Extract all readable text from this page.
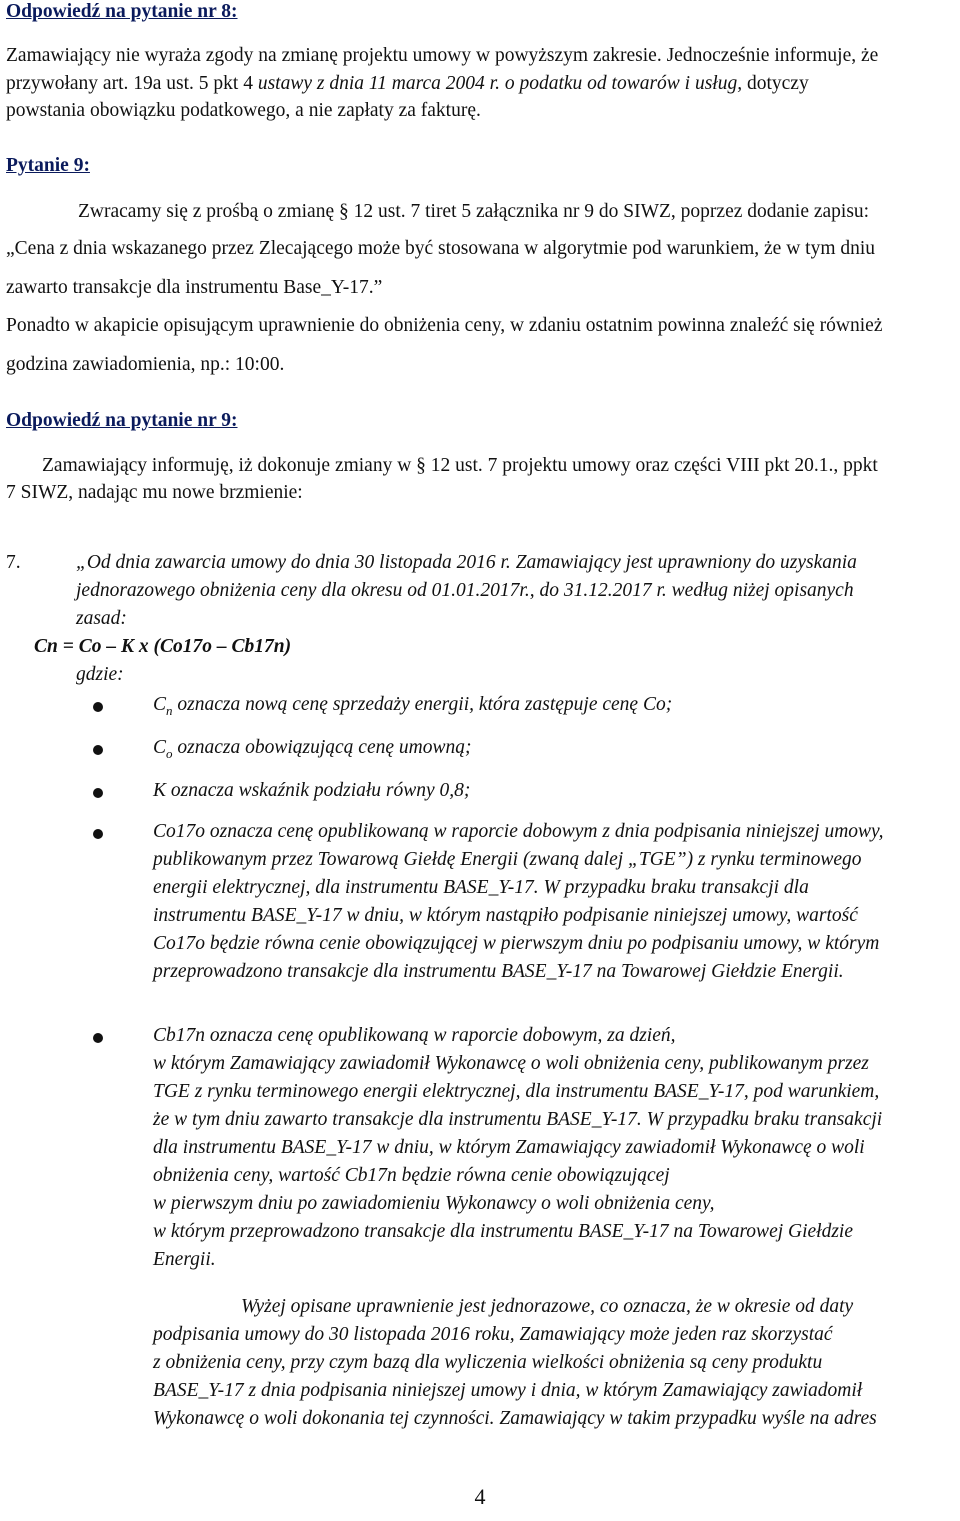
Odpowiedź na pytanie nr 8:
Zamawiający nie wyraża zgody na zmianę projektu umowy w powyższym zakresie. Jednocześnie informuje, że
przywołany art. 19a ust. 5 pkt 4 ustawy z dnia 11 marca 2004 r. o podatku od towarów i usług, dotyczy
powstania obowiązku podatkowego, a nie zapłaty za fakturę.
Pytanie 9:
Zwracamy się z prośbą o zmianę § 12 ust. 7 tiret 5 załącznika nr 9 do SIWZ, poprzez dodanie zapisu:
„Cena z dnia wskazanego przez Zlecającego może być stosowana w algorytmie pod warunkiem, że w tym dniu
zawarto transakcje dla instrumentu Base_Y-17.”
Ponadto w akapicie opisującym uprawnienie do obniżenia ceny, w zdaniu ostatnim powinna znaleźć się również
godzina zawiadomienia, np.: 10:00.
Odpowiedź na pytanie nr 9:
Zamawiający informuję, iż dokonuje zmiany w § 12 ust. 7 projektu umowy oraz części VIII pkt 20.1., ppkt
7 SIWZ, nadając mu nowe brzmienie:
7.	„Od dnia zawarcia umowy do dnia 30 listopada 2016 r. Zamawiający jest uprawniony do uzyskania
jednorazowego obniżenia ceny dla okresu od 01.01.2017r., do 31.12.2017 r. według niżej opisanych
zasad:
Cn = Co – K x (Co17o – Cb17n)
gdzie:
$C_n$ oznacza nową cenę sprzedaży energii, która zastępuje cenę Co;
$C_o$ oznacza obowiązującą cenę umowną;
K oznacza wskaźnik podziału równy 0,8;
Co17o oznacza cenę opublikowaną w raporcie dobowym z dnia podpisania niniejszej umowy,
publikowanym przez Towarową Giełdę Energii (zwaną dalej „TGE”) z rynku terminowego
energii elektrycznej, dla instrumentu BASE_Y-17. W przypadku braku transakcji dla
instrumentu BASE_Y-17 w dniu, w którym nastąpiło podpisanie niniejszej umowy, wartość
Co17o będzie równa cenie obowiązującej w pierwszym dniu po podpisaniu umowy, w którym
przeprowadzono transakcje dla instrumentu BASE_Y-17 na Towarowej Giełdzie Energii.
Cb17n oznacza cenę opublikowaną w raporcie dobowym, za dzień,
w którym Zamawiający zawiadomił Wykonawcę o woli obniżenia ceny, publikowanym przez
TGE z rynku terminowego energii elektrycznej, dla instrumentu BASE_Y-17, pod warunkiem,
że w tym dniu zawarto transakcje dla instrumentu BASE_Y-17. W przypadku braku transakcji
dla instrumentu BASE_Y-17 w dniu, w którym Zamawiający zawiadomił Wykonawcę o woli
obniżenia ceny, wartość Cb17n będzie równa cenie obowiązującej
w pierwszym dniu po zawiadomieniu Wykonawcy o woli obniżenia ceny,
w którym przeprowadzono transakcje dla instrumentu BASE_Y-17 na Towarowej Giełdzie
Energii.
Wyżej opisane uprawnienie jest jednorazowe, co oznacza, że w okresie od daty
podpisania umowy do 30 listopada 2016 roku, Zamawiający może jeden raz skorzystać
z obniżenia ceny, przy czym bazą dla wyliczenia wielkości obniżenia są ceny produktu
BASE_Y-17 z dnia podpisania niniejszej umowy i dnia, w którym Zamawiający zawiadomił
Wykonawcę o woli dokonania tej czynności. Zamawiający w takim przypadku wyśle na adres
4
